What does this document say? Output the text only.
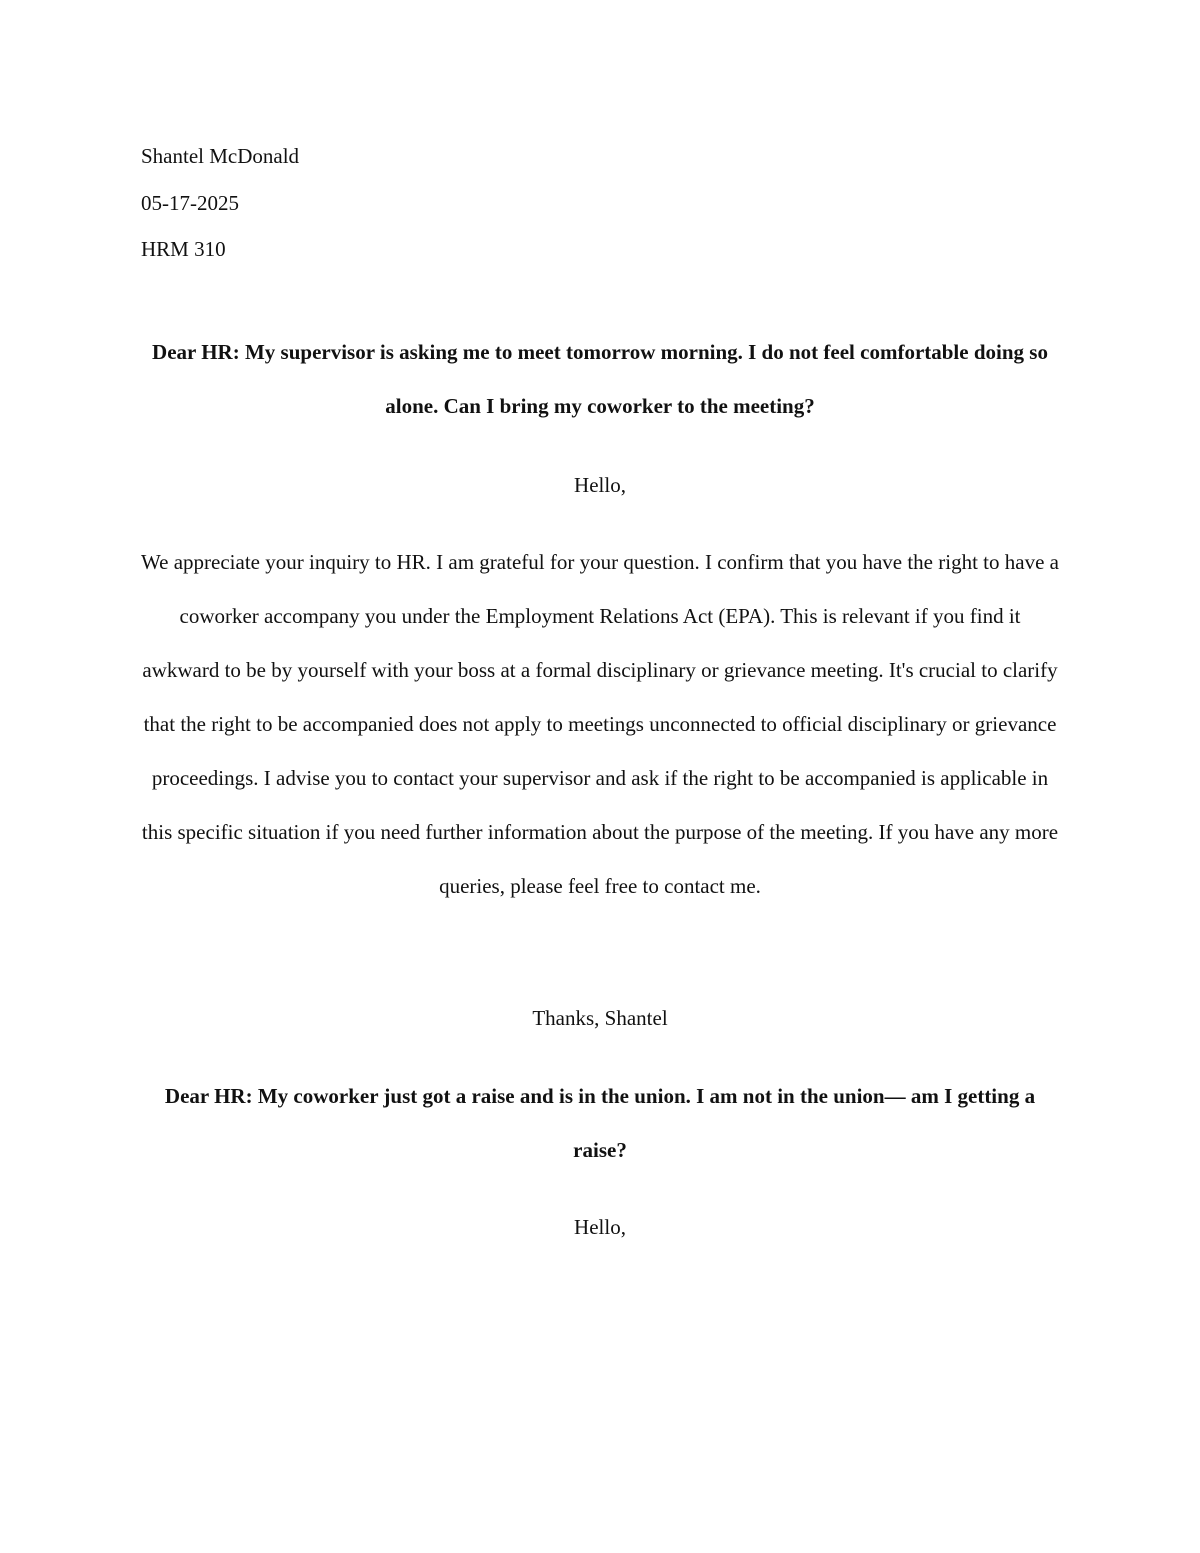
Shantel McDonald
05-17-2025
HRM 310
Dear HR: My supervisor is asking me to meet tomorrow morning. I do not feel comfortable doing so alone. Can I bring my coworker to the meeting?
Hello,
We appreciate your inquiry to HR. I am grateful for your question. I confirm that you have the right to have a coworker accompany you under the Employment Relations Act (EPA). This is relevant if you find it awkward to be by yourself with your boss at a formal disciplinary or grievance meeting. It's crucial to clarify that the right to be accompanied does not apply to meetings unconnected to official disciplinary or grievance proceedings. I advise you to contact your supervisor and ask if the right to be accompanied is applicable in this specific situation if you need further information about the purpose of the meeting. If you have any more queries, please feel free to contact me.
Thanks, Shantel
Dear HR: My coworker just got a raise and is in the union. I am not in the union— am I getting a raise?
Hello,
